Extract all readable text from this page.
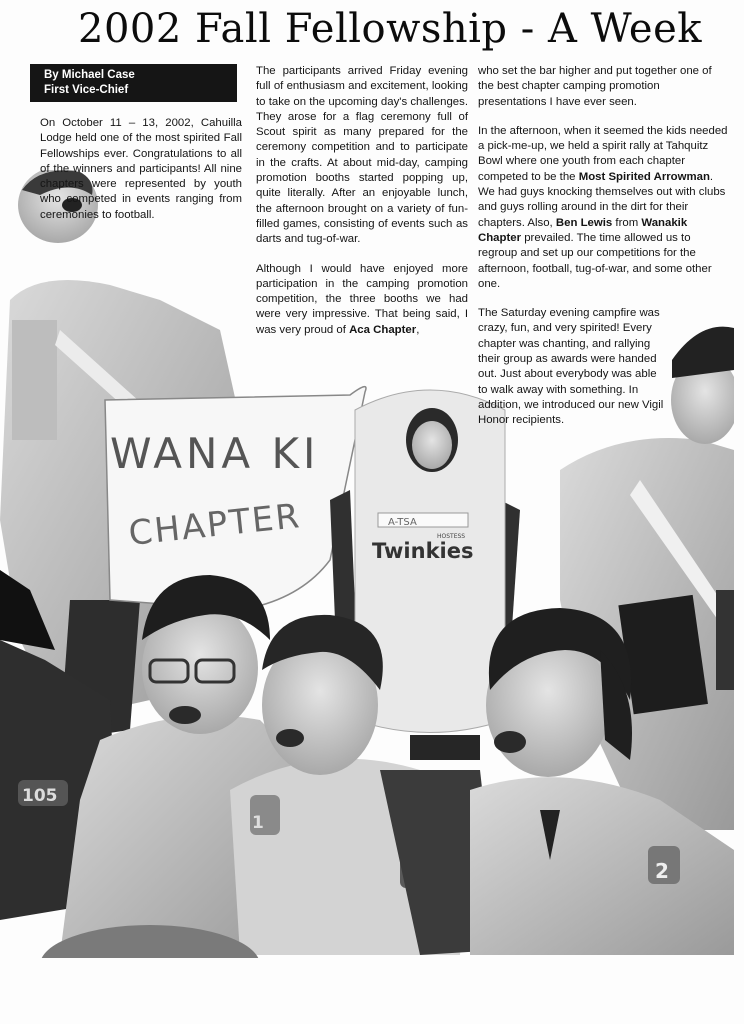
2002 Fall Fellowship - A Week
By Michael Case
First Vice-Chief
WANA KI
CHAPTER	A-TSA
HOSTESS
Twinkies
105
1
2

On October 11 – 13, 2002, Cahuilla Lodge held one of the most spirited Fall Fellowships ever. Congratulations to all of the winners and participants! All nine chapters were represented by youth who competed in events ranging from ceremonies to football.

The participants arrived Friday evening full of enthusiasm and excitement, looking to take on the upcoming day's challenges. They arose for a flag ceremony full of Scout spirit as many prepared for the ceremony competition and to participate in the crafts. At about mid-day, camping promotion booths started popping up, quite literally. After an enjoyable lunch, the afternoon brought on a variety of fun-filled games, consisting of events such as darts and tug-of-war.

Although I would have enjoyed more participation in the camping promotion competition, the three booths we had were very impressive. That being said, I was very proud of Aca Chapter,

who set the bar higher and put together one of the best chapter camping promotion presentations I have ever seen.

In the afternoon, when it seemed the kids needed a pick-me-up, we held a spirit rally at Tahquitz Bowl where one youth from each chapter competed to be the Most Spirited Arrowman. We had guys knocking themselves out with clubs and guys rolling around in the dirt for their chapters. Also, Ben Lewis from Wanakik Chapter prevailed. The time allowed us to regroup and set up our competitions for the afternoon, football, tug-of-war, and some other one.

The Saturday evening campfire was crazy, fun, and very spirited! Every chapter was chanting, and rallying their group as awards were handed out. Just about everybody was able to walk away with something. In addition, we introduced our new Vigil Honor recipients.
